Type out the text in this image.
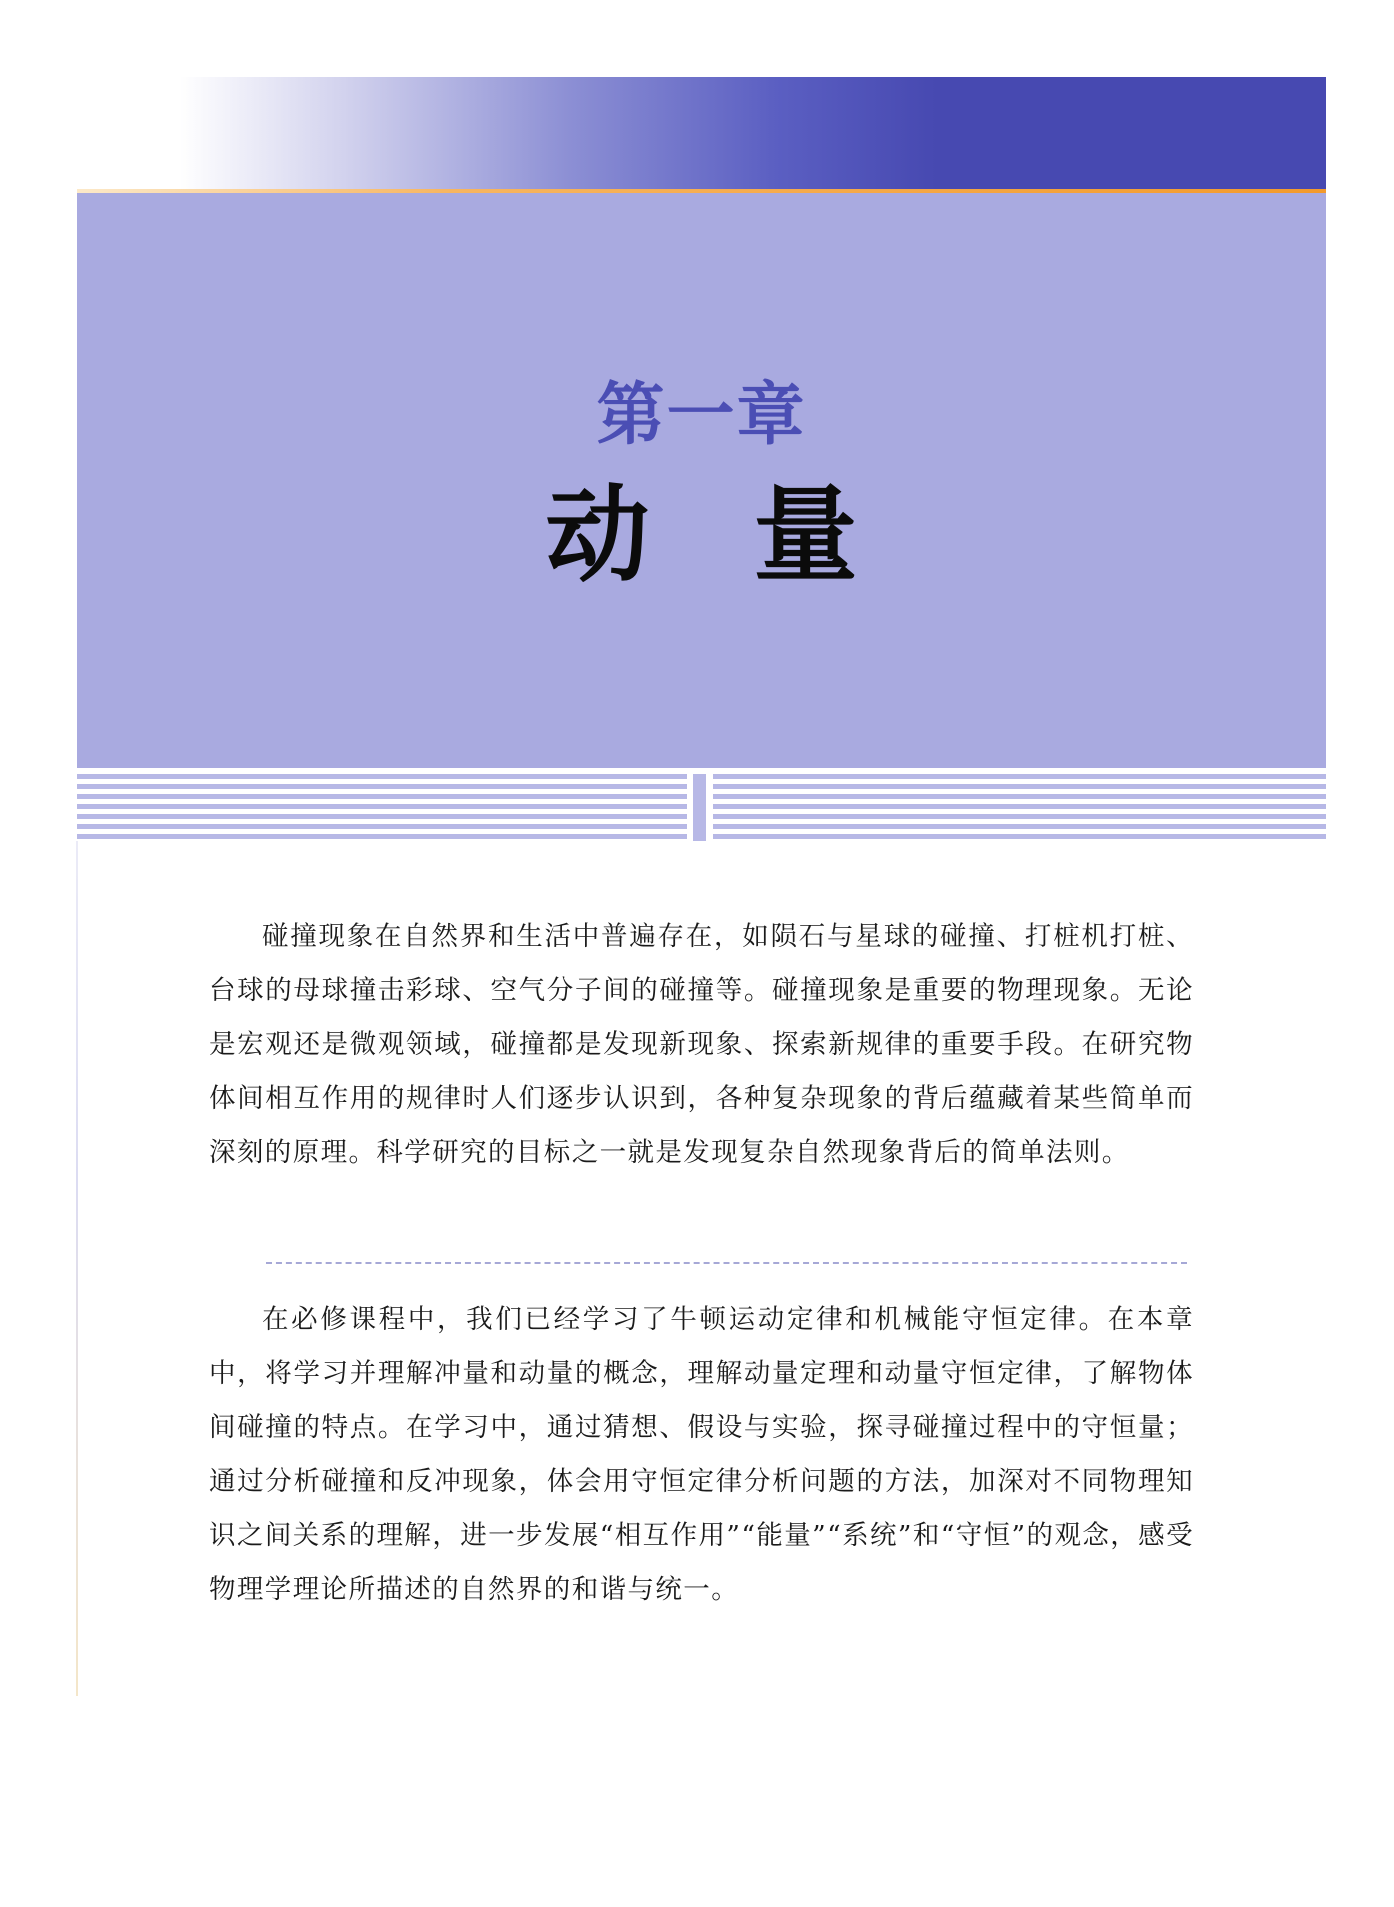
第一章
动　量

碰撞现象在自然界和生活中普遍存在，如陨石与星球的碰撞、打桩机打桩、台球的母球撞击彩球、空气分子间的碰撞等。碰撞现象是重要的物理现象。无论是宏观还是微观领域，碰撞都是发现新现象、探索新规律的重要手段。在研究物体间相互作用的规律时人们逐步认识到，各种复杂现象的背后蕴藏着某些简单而深刻的原理。科学研究的目标之一就是发现复杂自然现象背后的简单法则。

在必修课程中，我们已经学习了牛顿运动定律和机械能守恒定律。在本章中，将学习并理解冲量和动量的概念，理解动量定理和动量守恒定律，了解物体间碰撞的特点。在学习中，通过猜想、假设与实验，探寻碰撞过程中的守恒量；通过分析碰撞和反冲现象，体会用守恒定律分析问题的方法，加深对不同物理知识之间关系的理解，进一步发展“相互作用”“能量”“系统”和“守恒”的观念，感受物理学理论所描述的自然界的和谐与统一。
